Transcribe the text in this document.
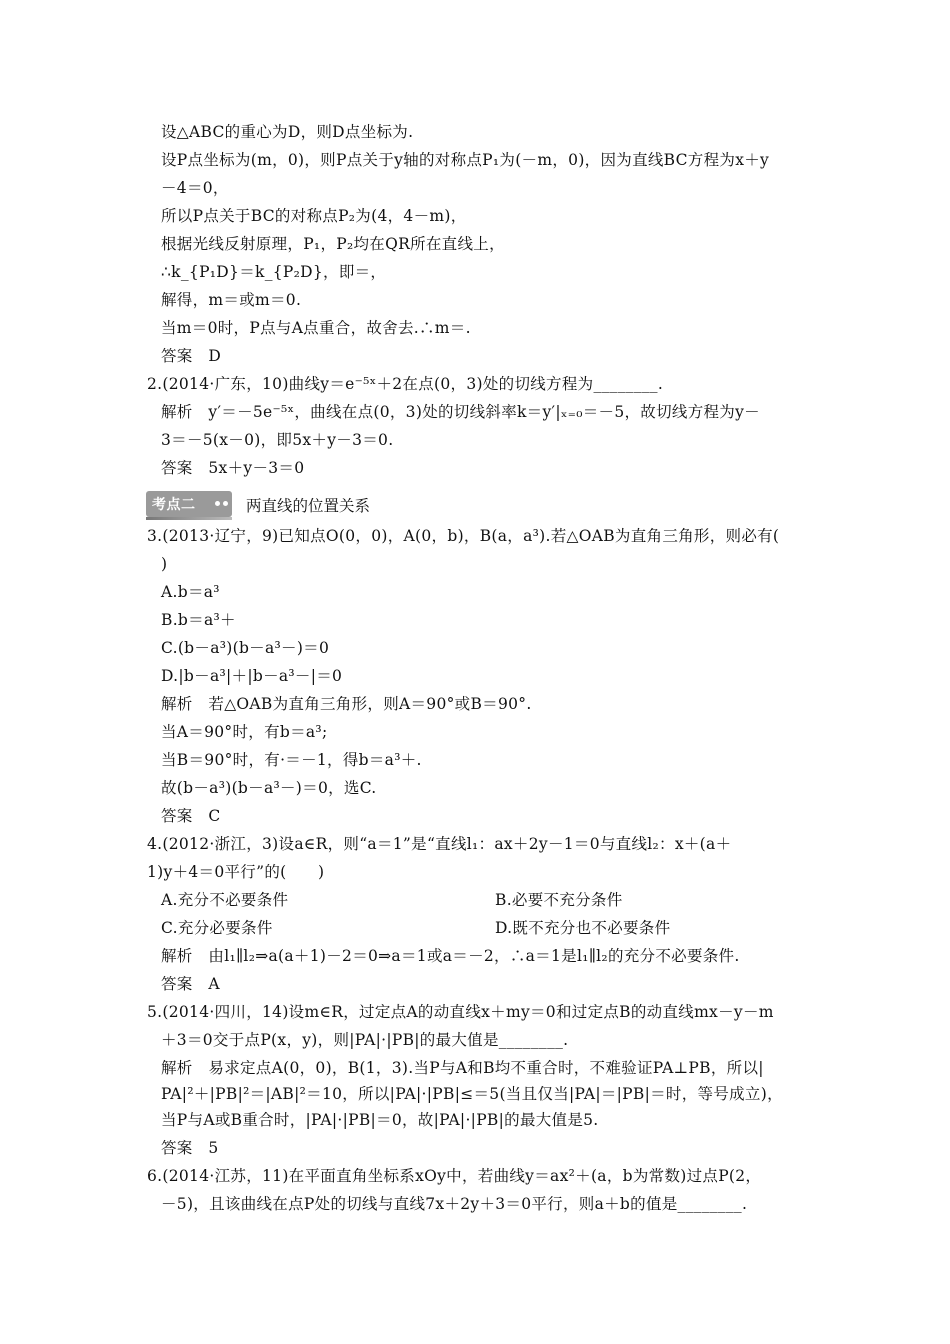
设△ABC的重心为D，则D点坐标为.
设P点坐标为(m，0)，则P点关于y轴的对称点P₁为(－m，0)，因为直线BC方程为x＋y
－4＝0，
所以P点关于BC的对称点P₂为(4，4－m)，
根据光线反射原理，P₁，P₂均在QR所在直线上，
∴k_{P₁D}＝k_{P₂D}，即＝，
解得，m＝或m＝0.
当m＝0时，P点与A点重合，故舍去.∴m＝.
答案　D
2.(2014·广东，10)曲线y＝e⁻⁵ˣ＋2在点(0，3)处的切线方程为________.
解析　y′＝－5e⁻⁵ˣ，曲线在点(0，3)处的切线斜率k＝y′|ₓ₌₀＝－5，故切线方程为y－
3＝－5(x－0)，即5x＋y－3＝0.
答案　5x＋y－3＝0
考点二	两直线的位置关系
3.(2013·辽宁，9)已知点O(0，0)，A(0，b)，B(a，a³).若△OAB为直角三角形，则必有(
)
A.b＝a³
B.b＝a³＋
C.(b－a³)(b－a³－)＝0
D.|b－a³|＋|b－a³－|＝0
解析　若△OAB为直角三角形，则A＝90°或B＝90°.
当A＝90°时，有b＝a³;
当B＝90°时，有·＝－1，得b＝a³＋.
故(b－a³)(b－a³－)＝0，选C.
答案　C
4.(2012·浙江，3)设a∈R，则“a＝1”是“直线l₁：ax＋2y－1＝0与直线l₂：x＋(a＋
1)y＋4＝0平行”的(　　)
A.充分不必要条件	B.必要不充分条件
C.充分必要条件	D.既不充分也不必要条件
解析　由l₁∥l₂⇒a(a＋1)－2＝0⇒a＝1或a＝－2，∴a＝1是l₁∥l₂的充分不必要条件.
答案　A
5.(2014·四川，14)设m∈R，过定点A的动直线x＋my＝0和过定点B的动直线mx－y－m
＋3＝0交于点P(x，y)，则|PA|·|PB|的最大值是________.
解析　易求定点A(0，0)，B(1，3).当P与A和B均不重合时，不难验证PA⊥PB，所以|
PA|²＋|PB|²＝|AB|²＝10，所以|PA|·|PB|≤＝5(当且仅当|PA|＝|PB|＝时，等号成立)，
当P与A或B重合时，|PA|·|PB|＝0，故|PA|·|PB|的最大值是5.
答案　5
6.(2014·江苏，11)在平面直角坐标系xOy中，若曲线y＝ax²＋(a，b为常数)过点P(2，
－5)，且该曲线在点P处的切线与直线7x＋2y＋3＝0平行，则a＋b的值是________.
